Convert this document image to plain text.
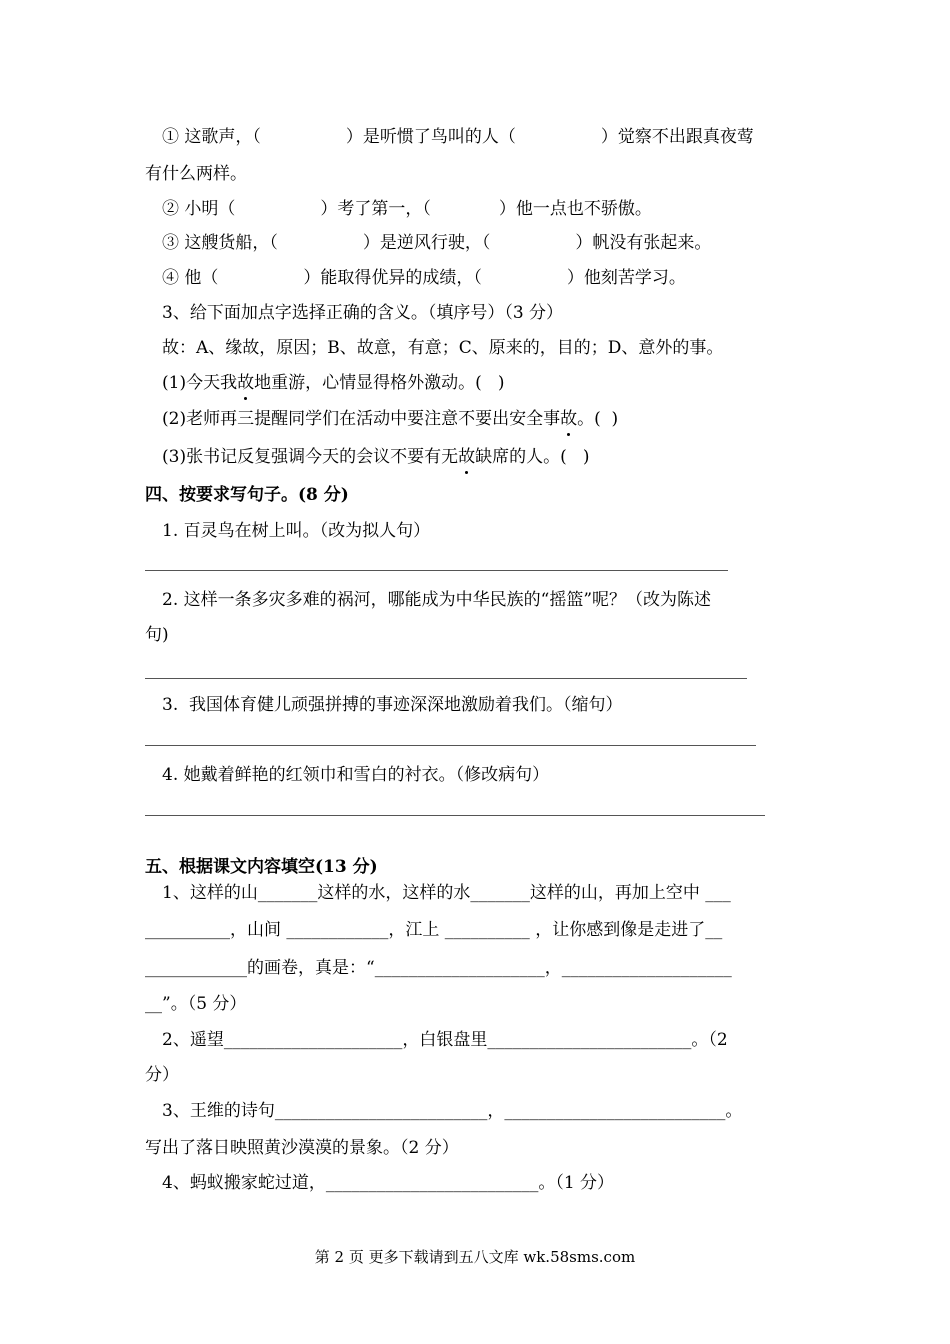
① 这歌声，（　　　　　）是听惯了鸟叫的人（　　　　　）觉察不出跟真夜莺
有什么两样。
② 小明（　　　　　）考了第一，（　　　　）他一点也不骄傲。
③ 这艘货船，（　　　　　）是逆风行驶，（　　　　　）帆没有张起来。
④ 他（　　　　　）能取得优异的成绩，（　　　　　）他刻苦学习。
3、给下面加点字选择正确的含义。（填序号）（3 分）
故：A、缘故，原因；B、故意，有意；C、原来的，目的；D、意外的事。
(1)今天我故地重游，心情显得格外激动。(   )
(2)老师再三提醒同学们在活动中要注意不要出安全事故。(  )
(3)张书记反复强调今天的会议不要有无故缺席的人。(   )
四、按要求写句子。(8 分)
1. 百灵鸟在树上叫。（改为拟人句）
2. 这样一条多灾多难的祸河，哪能成为中华民族的“摇篮”呢？（改为陈述
句)
3.  我国体育健儿顽强拼搏的事迹深深地激励着我们。（缩句）
4. 她戴着鲜艳的红领巾和雪白的衬衣。（修改病句）
五、根据课文内容填空(13 分)
1、这样的山_______这样的水，这样的水_______这样的山，再加上空中 ___
__________，山间 ____________，江上 __________ ，让你感到像是走进了__
____________的画卷，真是：“____________________，____________________
__”。（5 分）
2、遥望_____________________，白银盘里________________________。（2
分）
3、王维的诗句_________________________，__________________________。
写出了落日映照黄沙漠漠的景象。（2 分）
4、蚂蚁搬家蛇过道，_________________________。（1 分）
第 2 页 更多下载请到五八文库 wk.58sms.com
